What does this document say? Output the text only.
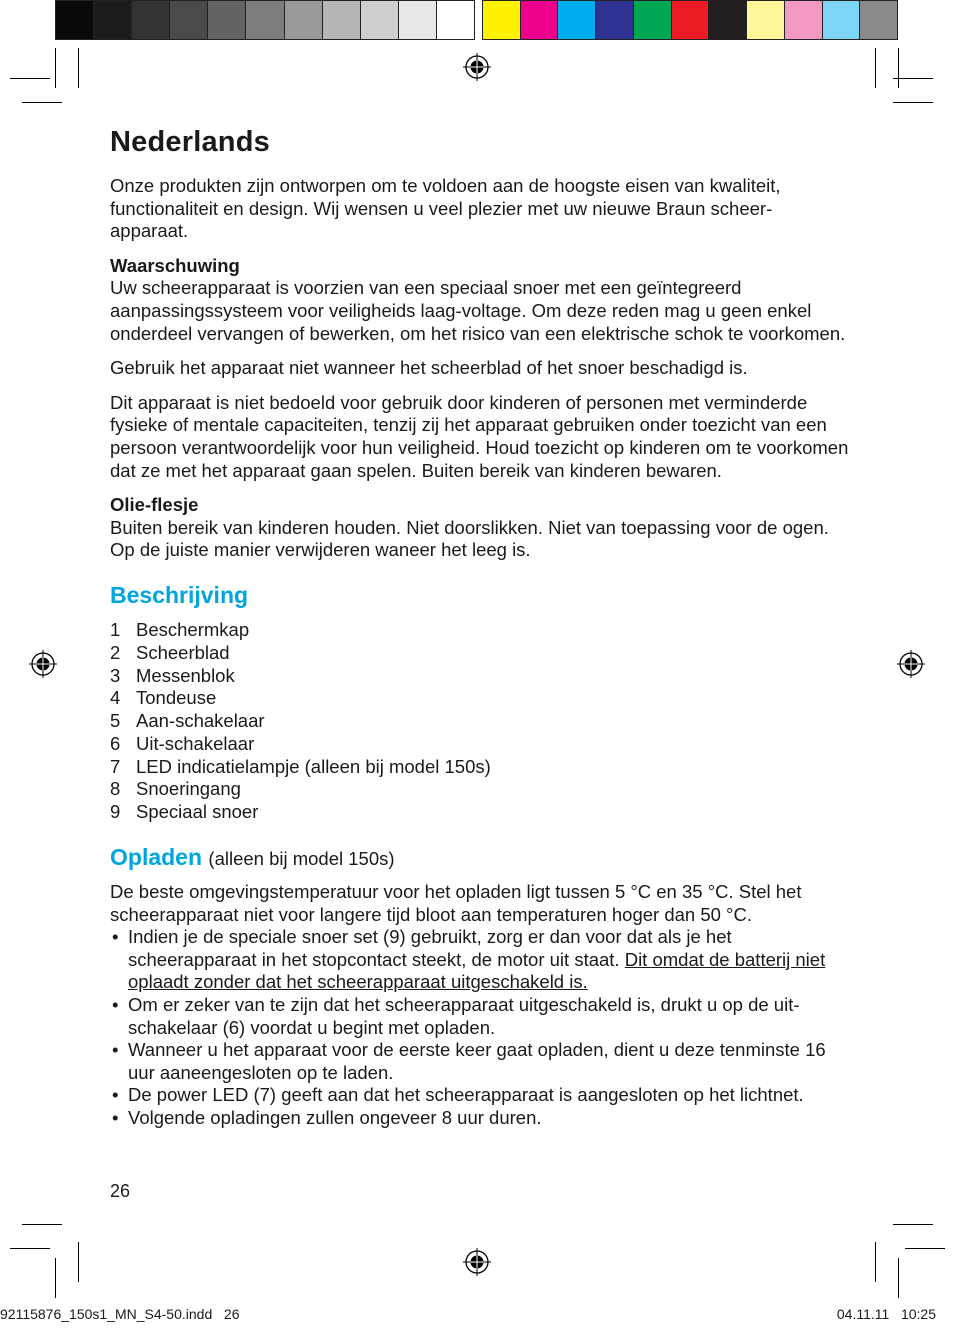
Nederlands

Onze produkten zijn ontworpen om te voldoen aan de hoogste eisen van kwaliteit, functionaliteit en design. Wij wensen u veel plezier met uw nieuwe Braun scheer-apparaat.

Waarschuwing
Uw scheerapparaat is voorzien van een speciaal snoer met een geïntegreerd aanpassingssysteem voor veiligheids laag-voltage. Om deze reden mag u geen enkel onderdeel vervangen of bewerken, om het risico van een elektrische schok te voorkomen.

Gebruik het apparaat niet wanneer het scheerblad of het snoer beschadigd is.

Dit apparaat is niet bedoeld voor gebruik door kinderen of personen met verminderde fysieke of mentale capaciteiten, tenzij zij het apparaat gebruiken onder toezicht van een persoon verantwoordelijk voor hun veiligheid. Houd toezicht op kinderen om te voorkomen dat ze met het apparaat gaan spelen. Buiten bereik van kinderen bewaren.

Olie-flesje
Buiten bereik van kinderen houden. Niet doorslikken. Niet van toepassing voor de ogen. Op de juiste manier verwijderen waneer het leeg is.

Beschrijving
1 Beschermkap
2 Scheerblad
3 Messenblok
4 Tondeuse
5 Aan-schakelaar
6 Uit-schakelaar
7 LED indicatielampje (alleen bij model 150s)
8 Snoeringang
9 Speciaal snoer
Opladen (alleen bij model 150s)

De beste omgevingstemperatuur voor het opladen ligt tussen 5 °C en 35 °C. Stel het scheerapparaat niet voor langere tijd bloot aan temperaturen hoger dan 50 °C.

• Indien je de speciale snoer set (9) gebruikt, zorg er dan voor dat als je het scheerapparaat in het stopcontact steekt, de motor uit staat. Dit omdat de batterij niet oplaadt zonder dat het scheerapparaat uitgeschakeld is.
• Om er zeker van te zijn dat het scheerapparaat uitgeschakeld is, drukt u op de uit-schakelaar (6) voordat u begint met opladen.
• Wanneer u het apparaat voor de eerste keer gaat opladen, dient u deze tenminste 16 uur aaneengesloten op te laden.
• De power LED (7) geeft aan dat het scheerapparaat is aangesloten op het lichtnet.
• Volgende opladingen zullen ongeveer 8 uur duren.
26
92115876_150s1_MN_S4-50.indd   26	04.11.11   10:25
